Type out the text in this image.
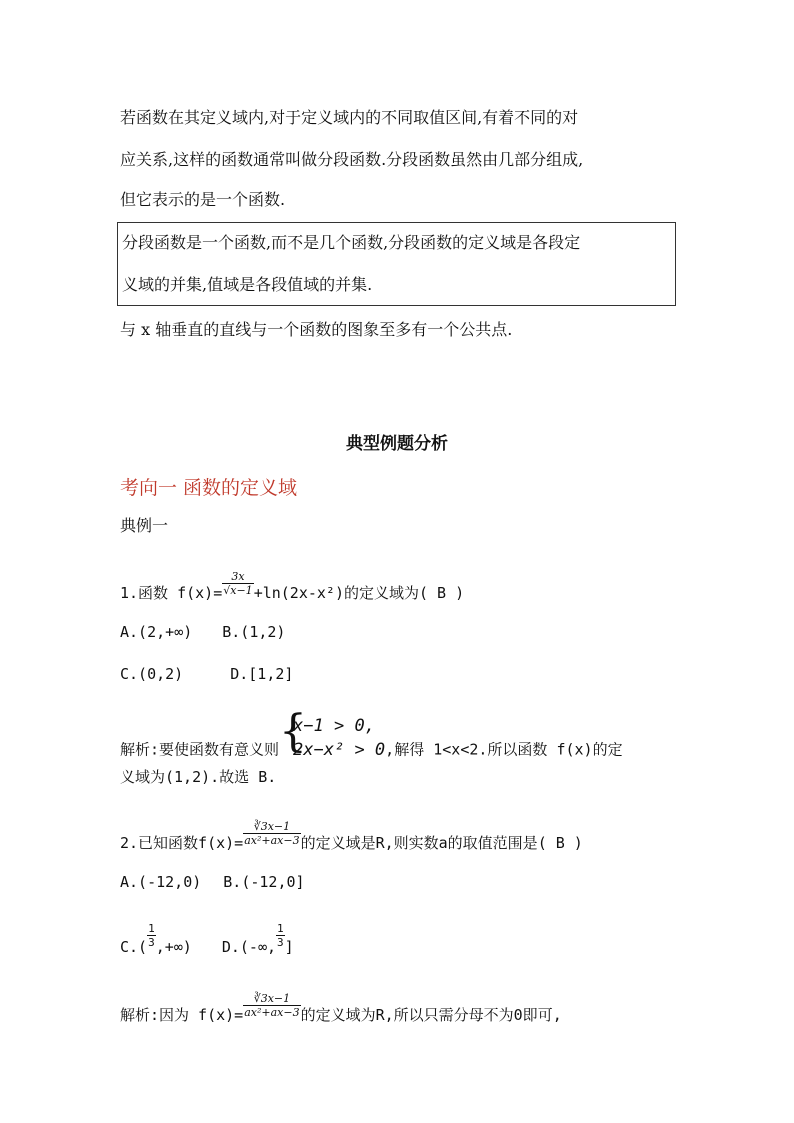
若函数在其定义域内,对于定义域内的不同取值区间,有着不同的对
应关系,这样的函数通常叫做分段函数.分段函数虽然由几部分组成,
但它表示的是一个函数.
分段函数是一个函数,而不是几个函数,分段函数的定义域是各段定
义域的并集,值域是各段值域的并集.
与 x 轴垂直的直线与一个函数的图象至多有一个公共点.
典型例题分析
考向一 函数的定义域
典例一
1.函数 $f(x)= \frac{3x}{√x-1} +\ln(2x-x^2)$的定义域为( B )
A.(2,+∞) B.(1,2)
C.(0,2)	D.[1,2]
解析:要使函数有意义则 {
x−1 > 0,
2x−x² > 0 ,解得 1<x<2.所以函数 f(x)的定
义域为(1,2).故选 B.
2.已知函数$f(x)= \frac{∛3x-1}{\text{ax²+ax−3}}$ 的定义域是R,则实数a的取值范围是( B )
A.(-12,0) B.(-12,0]
$C.( \frac{1}{3}$ ,+∞) D.(-∞, $\frac{1}{3}$ ]
解析:因为 $f(x)= \frac{∛3x-1}{\text{ax²+ax−3}}$ 的定义域为R,所以只需分母不为0即可,
